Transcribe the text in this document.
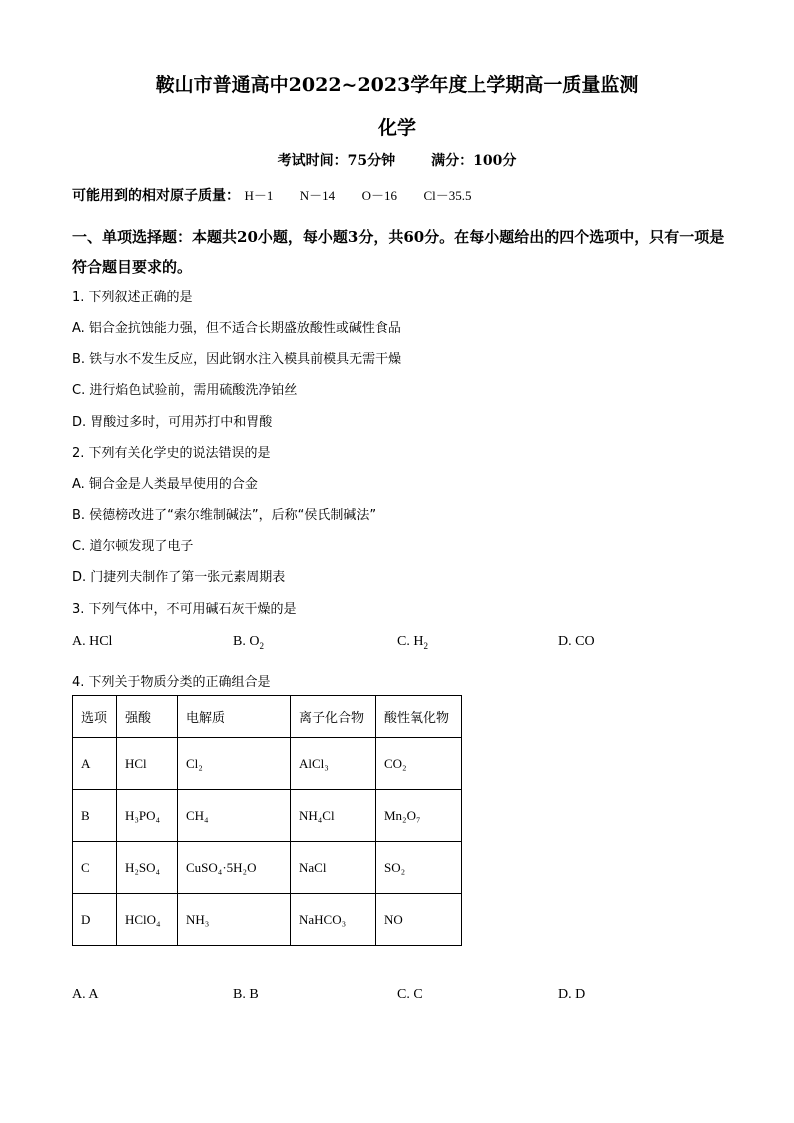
鞍山市普通高中2022~2023学年度上学期高一质量监测
化学
考试时间：75分钟	满分：100分
可能用到的相对原子质量： H－1 N－14 O－16 Cl－35.5
一、单项选择题：本题共20小题，每小题3分，共60分。在每小题给出的四个选项中，只有一项是符合题目要求的。
1. 下列叙述正确的是
A. 铝合金抗蚀能力强，但不适合长期盛放酸性或碱性食品
B. 铁与水不发生反应，因此钢水注入模具前模具无需干燥
C. 进行焰色试验前，需用硫酸洗净铂丝
D. 胃酸过多时，可用苏打中和胃酸
2. 下列有关化学史的说法错误的是
A. 铜合金是人类最早使用的合金
B. 侯德榜改进了“索尔维制碱法”，后称“侯氏制碱法”
C. 道尔顿发现了电子
D. 门捷列夫制作了第一张元素周期表
3. 下列气体中，不可用碱石灰干燥的是
A. HCl	B. $O_2$	C. $H_2$	D. CO
4. 下列关于物质分类的正确组合是
选项	强酸	电解质	离子化合物	酸性氧化物
A	HCl	Cl₂	AlCl₃	CO₂
B	H₃PO₄	CH₄	NH₄Cl	Mn₂O₇
C	H₂SO₄	CuSO₄·5H₂O	NaCl	SO₂
D	HClO₄	NH₃	NaHCO₃	NO
A. A	B. B	C. C	D. D
